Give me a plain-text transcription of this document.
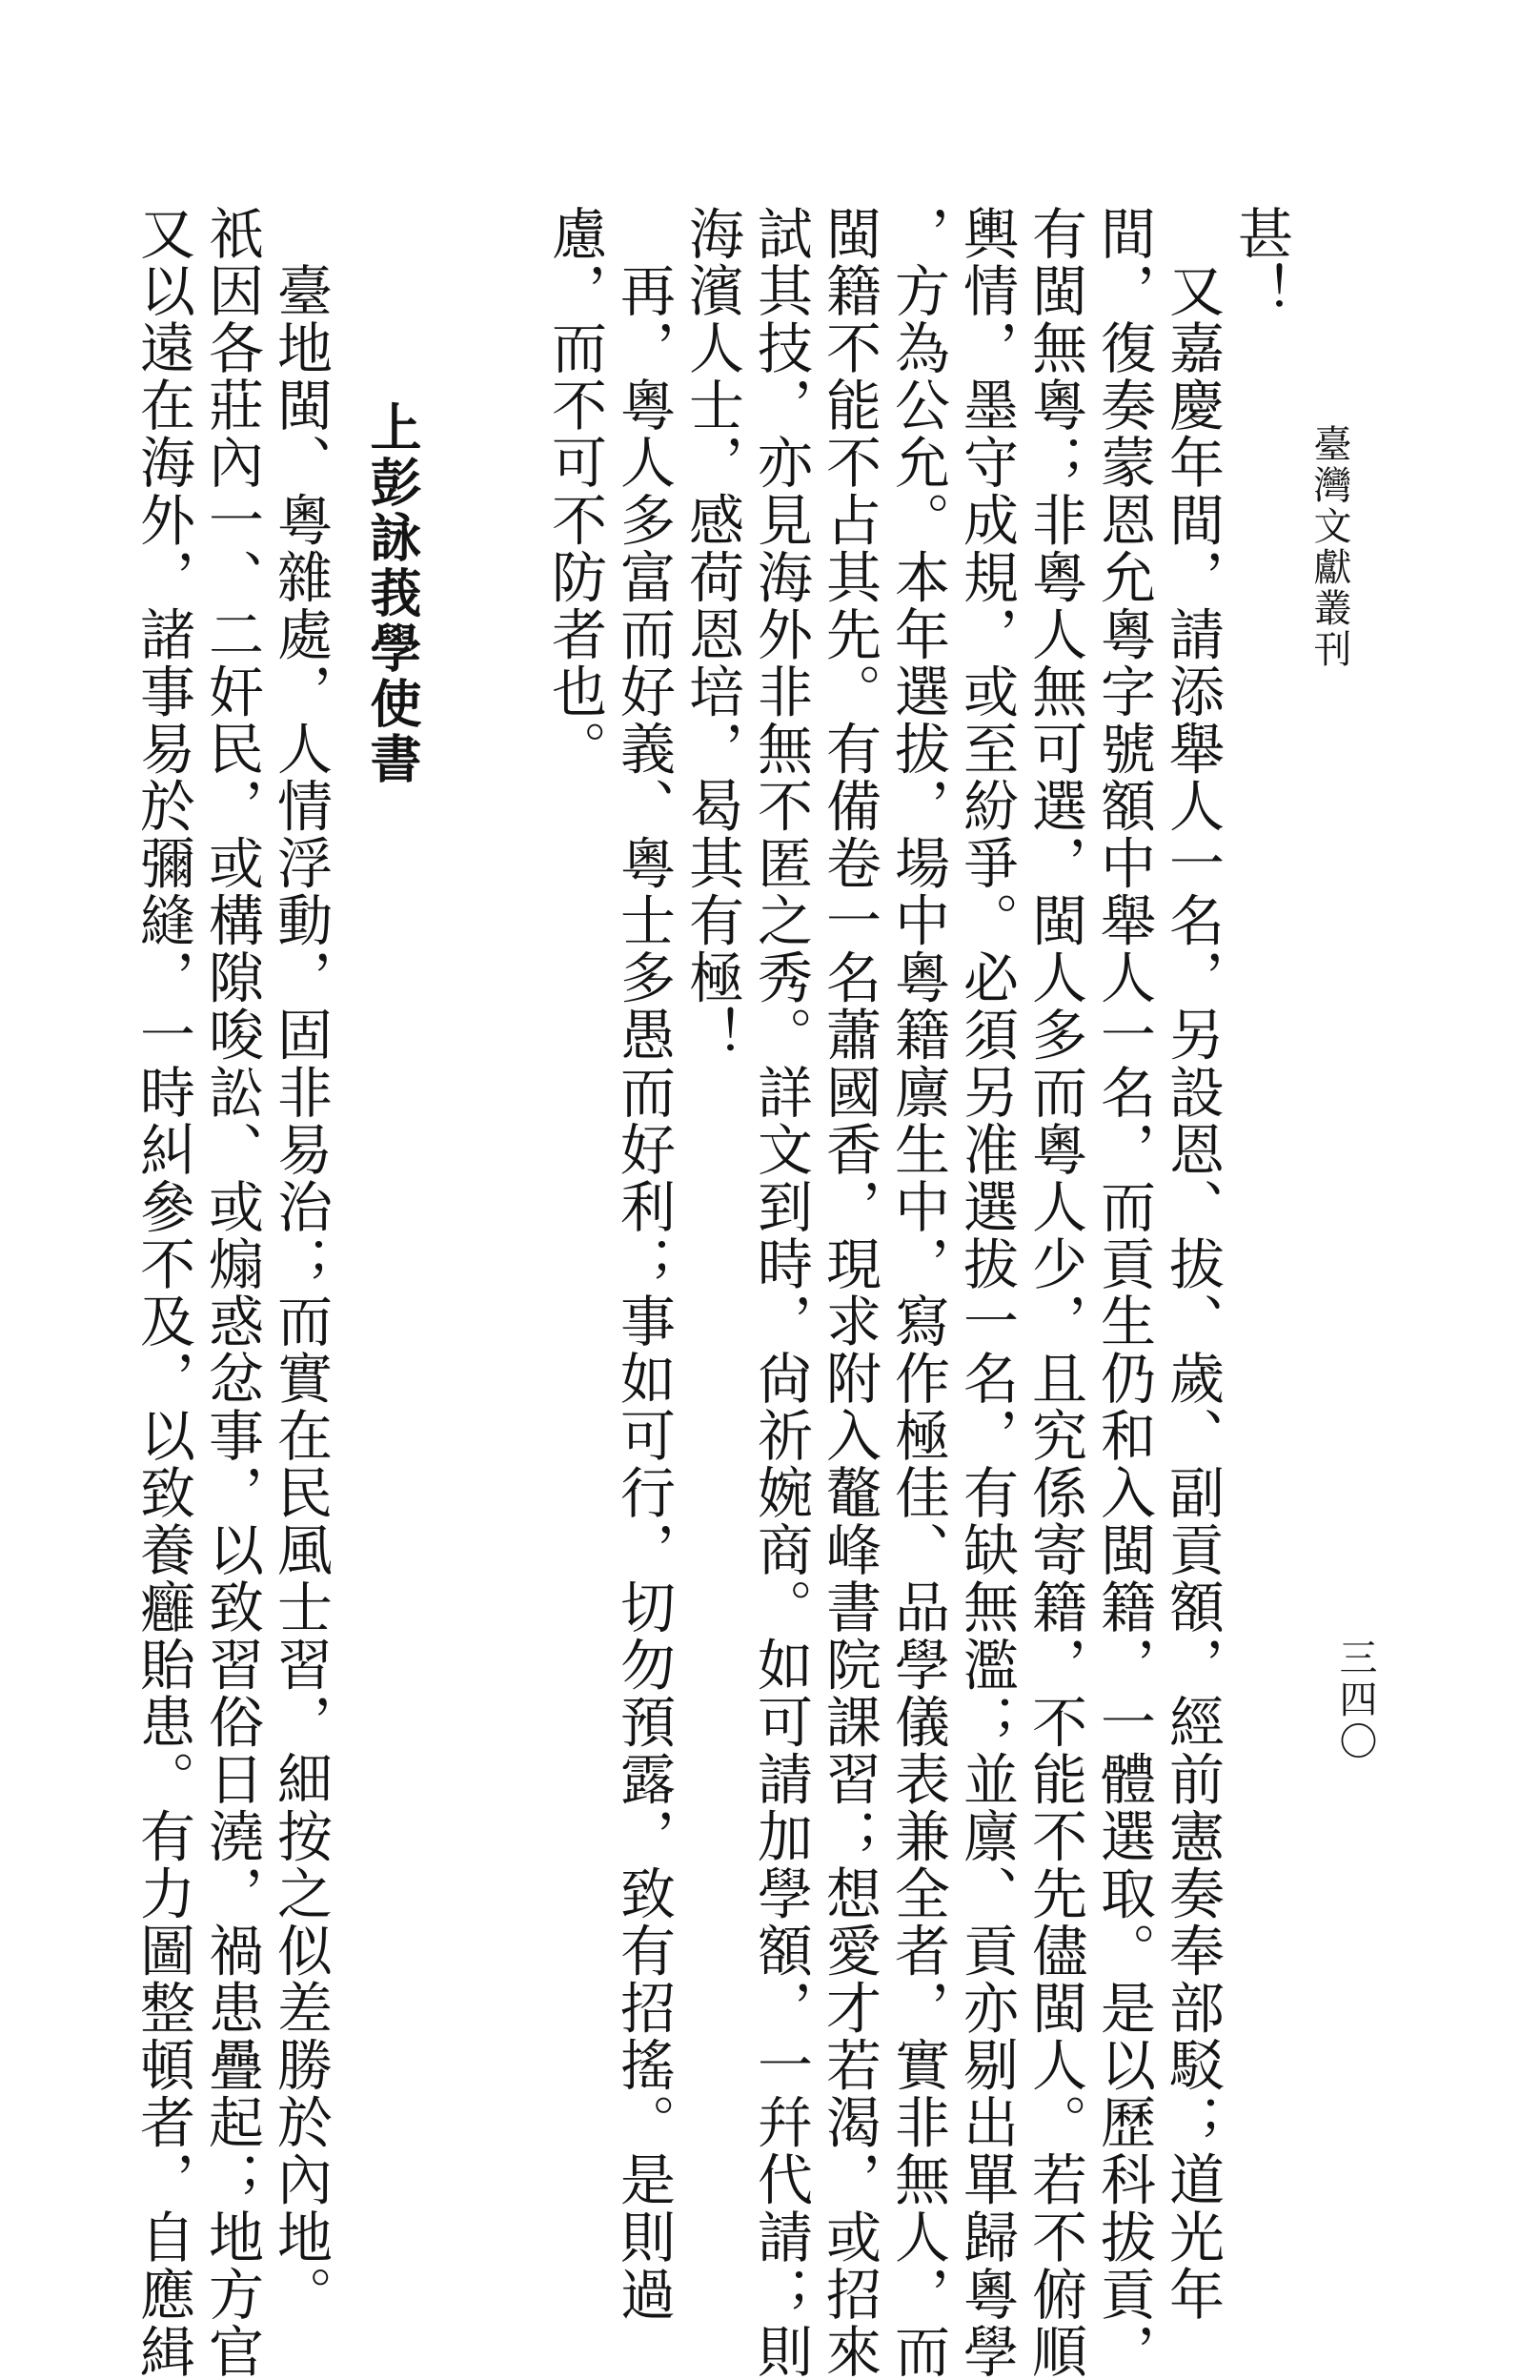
臺灣文獻叢刊
三四〇
甚！
　又嘉慶年間，請添舉人一名，另設恩、拔、歲、副貢額，經前憲奏奉部駁；道光年
間，復奏蒙恩允粵字號額中舉人一名，而貢生仍和入閩籍，一體選取。是以歷科拔貢，
有閩無粵；非粵人無可選，閩人多而粵人少，且究係寄籍，不能不先儘閩人。若不俯順
輿情，墨守成規，或至紛爭。必須另准選拔一名，有缺無濫；並廪、貢亦剔出單歸粵學
，方為公允。本年選拔，場中粵籍廪生中，寫作極佳、品學儀表兼全者，實非無人，而
閩籍不能不占其先。有備卷一名蕭國香，現求附入鼇峰書院課習；想愛才若渴，或招來
試其技，亦見海外非無不匿之秀。詳文到時，尙祈婉商。如可請加學額，一幷代請；則
海濱人士，感荷恩培，曷其有極！
　再，粵人多富而好義、粵士多愚而好利；事如可行，切勿預露，致有招搖。是則過
慮，而不可不防者也。
上彭詠莪學使書
　臺地閩、粵雜處，人情浮動，固非易治；而實在民風士習，細按之似差勝於內地。
祇因各莊內一、二奸民，或構隙唆訟、或煽惑忿事，以致習俗日澆，禍患疊起；地方官
又以遠在海外，諸事易於彌縫，一時糾參不及，以致養癰貽患。有力圖整頓者，自應緝
